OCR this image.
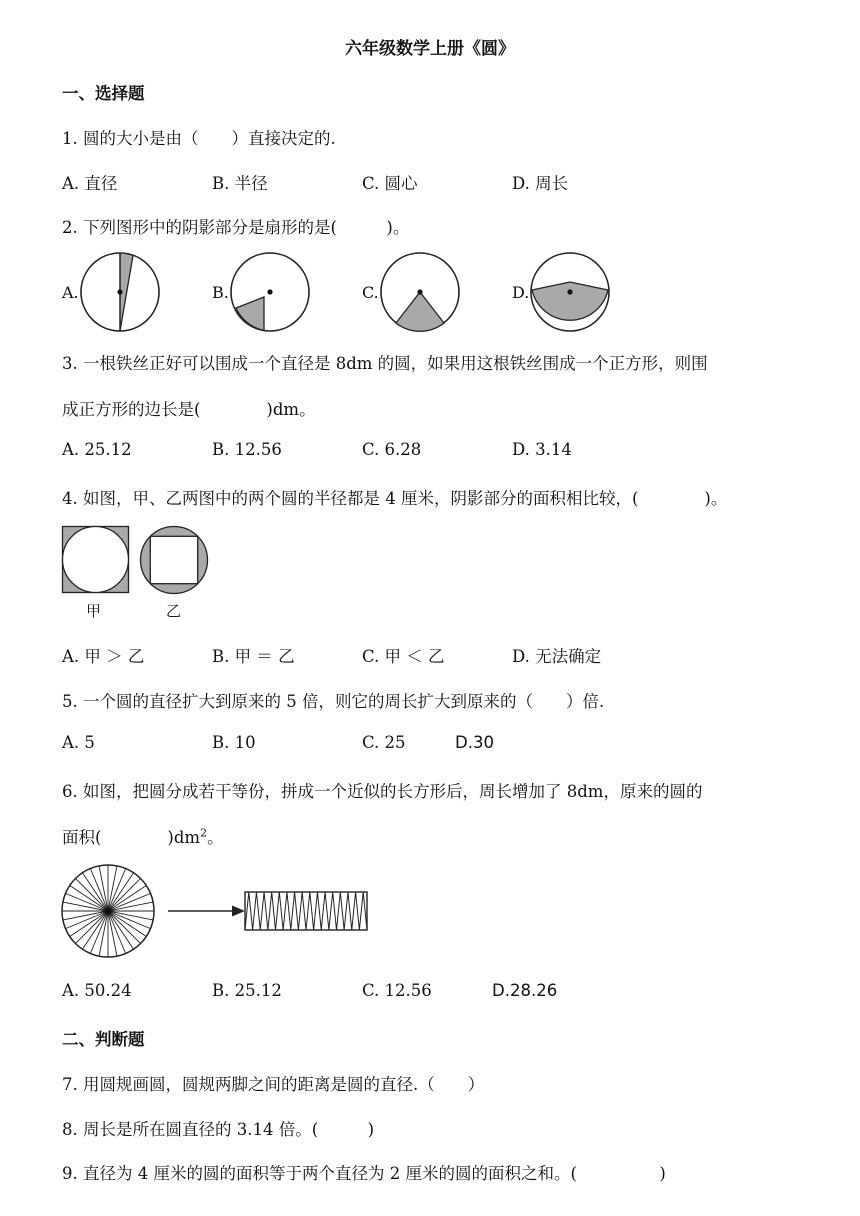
六年级数学上册《圆》
一、选择题
1. 圆的大小是由（　　）直接决定的.
A. 直径	B. 半径	C. 圆心	D. 周长
2. 下列图形中的阴影部分是扇形的是(　　　)。
A.	B.	C.	D.
3. 一根铁丝正好可以围成一个直径是 8dm 的圆，如果用这根铁丝围成一个正方形，则围
成正方形的边长是(　　　　)dm。
A. 25.12	B. 12.56	C. 6.28	D. 3.14
4. 如图，甲、乙两图中的两个圆的半径都是 4 厘米，阴影部分的面积相比较，(　　　　)。
甲	乙
A. 甲 ＞ 乙	B. 甲 ＝ 乙	C. 甲 ＜ 乙	D. 无法确定
5. 一个圆的直径扩大到原来的 5 倍，则它的周长扩大到原来的（　　）倍.
A. 5	B. 10	C. 25	D.30
6. 如图，把圆分成若干等份，拼成一个近似的长方形后，周长增加了 8dm，原来的圆的
面积(　　　　)$dm^2$。
A. 50.24	B. 25.12	C. 12.56	D.28.26
二、判断题
7. 用圆规画圆，圆规两脚之间的距离是圆的直径.（　　）
8. 周长是所在圆直径的 3.14 倍。(　　　)
9. 直径为 4 厘米的圆的面积等于两个直径为 2 厘米的圆的面积之和。(　　　　　)
